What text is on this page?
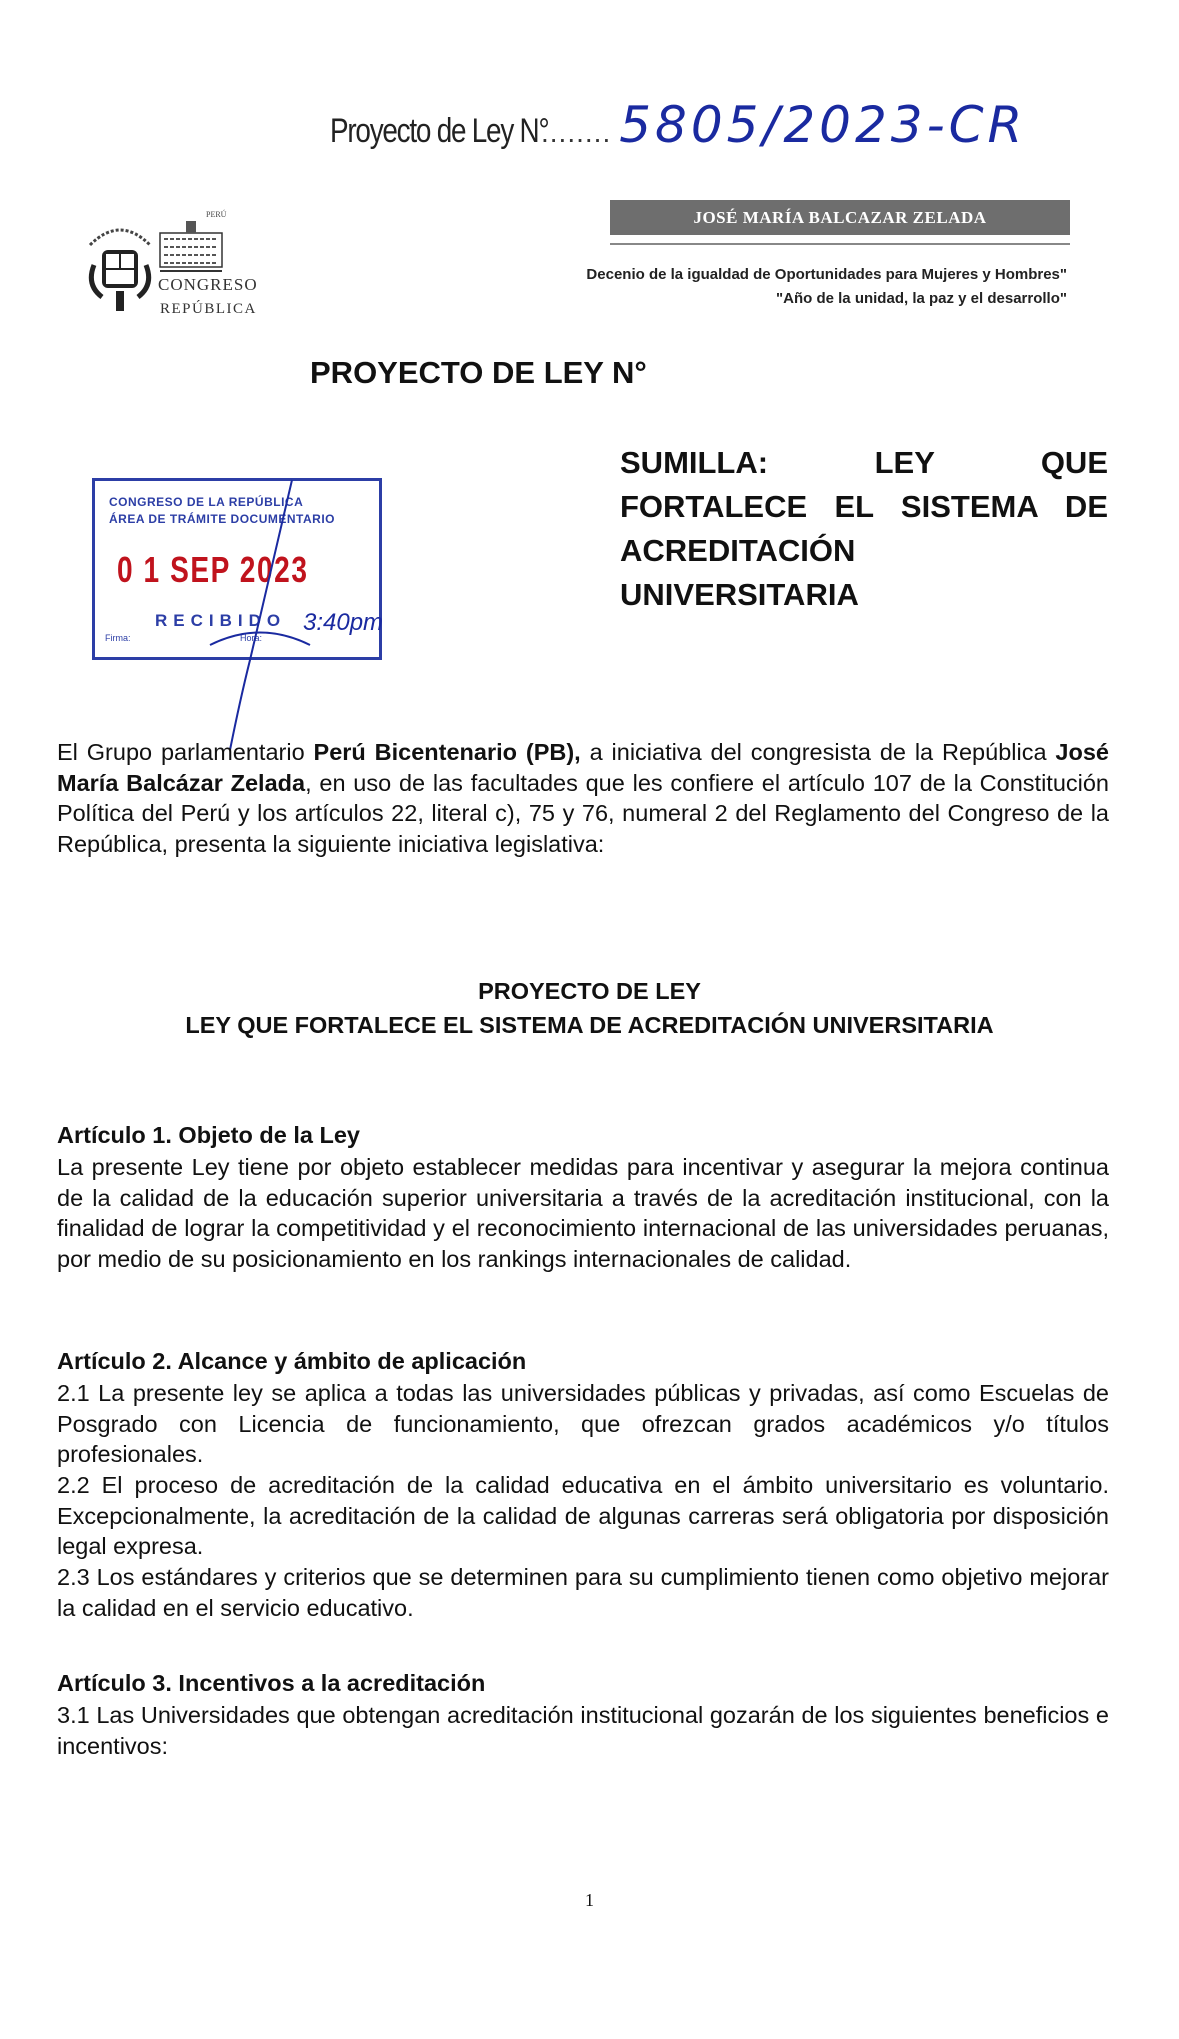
Proyecto de Ley N°
........ 5805/2023-CR
PERÚ
CONGRESO
REPÚBLICA
JOSÉ MARÍA BALCAZAR ZELADA
Decenio de la igualdad de Oportunidades para Mujeres y Hombres"
"Año de la unidad, la paz y el desarrollo"
PROYECTO DE LEY N°
CONGRESO DE LA REPÚBLICA
ÁREA DE TRÁMITE DOCUMENTARIO
0 1 SEP 2023
RECIBIDO
Firma:	Hora:
3:40pm
SUMILLA: LEY QUE
FORTALECE EL SISTEMA DE
ACREDITACIÓN
UNIVERSITARIA
El Grupo parlamentario Perú Bicentenario (PB), a iniciativa del congresista de la República José María Balcázar Zelada, en uso de las facultades que les confiere el artículo 107 de la Constitución Política del Perú y los artículos 22, literal c), 75 y 76, numeral 2 del Reglamento del Congreso de la República, presenta la siguiente iniciativa legislativa:
PROYECTO DE LEY
LEY QUE FORTALECE EL SISTEMA DE ACREDITACIÓN UNIVERSITARIA
Artículo 1. Objeto de la Ley
La presente Ley tiene por objeto establecer medidas para incentivar y asegurar la mejora continua de la calidad de la educación superior universitaria a través de la acreditación institucional, con la finalidad de lograr la competitividad y el reconocimiento internacional de las universidades peruanas, por medio de su posicionamiento en los rankings internacionales de calidad.
Artículo 2. Alcance y ámbito de aplicación
2.1 La presente ley se aplica a todas las universidades públicas y privadas, así como Escuelas de Posgrado con Licencia de funcionamiento, que ofrezcan grados académicos y/o títulos profesionales.
2.2 El proceso de acreditación de la calidad educativa en el ámbito universitario es voluntario. Excepcionalmente, la acreditación de la calidad de algunas carreras será obligatoria por disposición legal expresa.
2.3 Los estándares y criterios que se determinen para su cumplimiento tienen como objetivo mejorar la calidad en el servicio educativo.
Artículo 3. Incentivos a la acreditación
3.1 Las Universidades que obtengan acreditación institucional gozarán de los siguientes beneficios e incentivos:
1
